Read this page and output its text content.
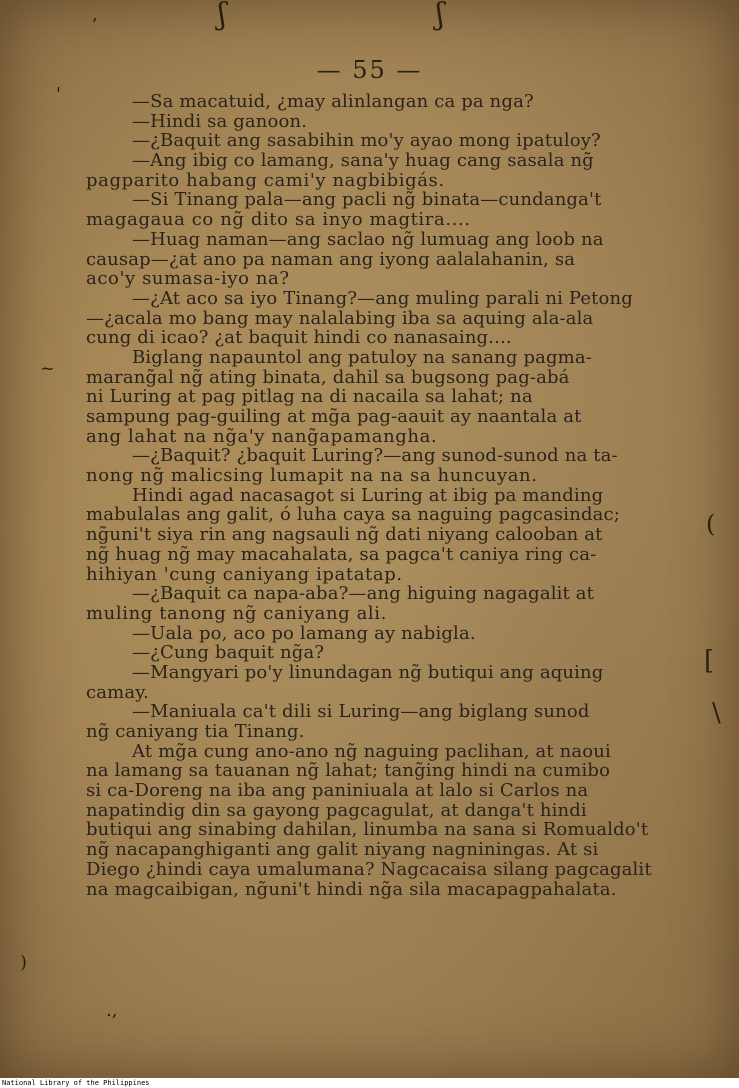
,	ʃ	ʃ
'
~
(
[
\
)
.,
— 55 —
—Sa macatuid, ¿may alinlangan ca pa nga?
—Hindi sa ganoon.
—¿Baquit ang sasabihin mo'y ayao mong ipatuloy?
—Ang ibig co lamang, sana'y huag cang sasala ng̃
pagparito habang cami'y nagbibigás.
—Si Tinang pala—ang pacli ng̃ binata—cundanga't
magagaua co ng̃ dito sa inyo magtira....
—Huag naman—ang saclao ng̃ lumuag ang loob na
causap—¿at ano pa naman ang iyong aalalahanin, sa
aco'y sumasa-iyo na?
—¿At aco sa iyo Tinang?—ang muling parali ni Petong
—¿acala mo bang may nalalabing iba sa aquing ala-ala
cung di icao? ¿at baquit hindi co nanasaing....
Biglang napauntol ang patuloy na sanang pagma-
marang̃al ng̃ ating binata, dahil sa bugsong pag-abá
ni Luring at pag pitlag na di nacaila sa lahat; na
sampung pag-guiling at mg̃a pag-aauit ay naantala at
ang lahat na ng̃a'y nang̃apamangha.
—¿Baquit? ¿baquit Luring?—ang sunod-sunod na ta-
nong ng̃ malicsing lumapit na na sa huncuyan.
Hindi agad nacasagot si Luring at ibig pa manding
mabulalas ang galit, ó luha caya sa naguing pagcasindac;
ng̃uni't siya rin ang nagsauli ng̃ dati niyang calooban at
ng̃ huag ng̃ may macahalata, sa pagca't caniya ring ca-
hihiyan 'cung caniyang ipatatap.
—¿Baquit ca napa-aba?—ang higuing nagagalit at
muling tanong ng̃ caniyang ali.
—Uala po, aco po lamang ay nabigla.
—¿Cung baquit ng̃a?
—Mangyari po'y linundagan ng̃ butiqui ang aquing
camay.
—Maniuala ca't dili si Luring—ang biglang sunod
ng̃ caniyang tia Tinang.
At mg̃a cung ano-ano ng̃ naguing paclihan, at naoui
na lamang sa tauanan ng̃ lahat; tang̃ing hindi na cumibo
si ca-Doreng na iba ang paniniuala at lalo si Carlos na
napatindig din sa gayong pagcagulat, at danga't hindi
butiqui ang sinabing dahilan, linumba na sana si Romualdo't
ng̃ nacapanghiganti ang galit niyang nagniningas. At si
Diego ¿hindi caya umalumana? Nagcacaisa silang pagcagalit
na magcaibigan, ng̃uni't hindi ng̃a sila macapagpahalata.
National Library of the Philippines
